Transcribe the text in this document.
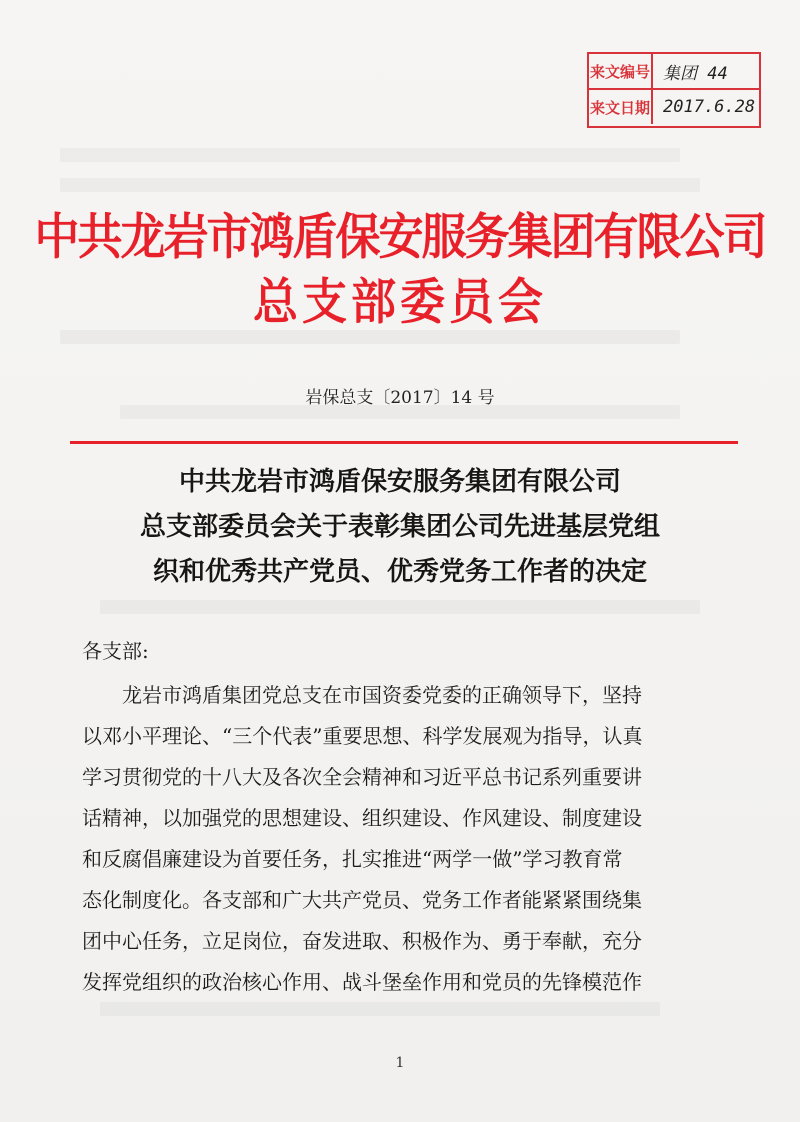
来文编号 集团 44
来文日期 2017.6.28
中共龙岩市鸿盾保安服务集团有限公司
总支部委员会
岩保总支〔2017〕14 号
中共龙岩市鸿盾保安服务集团有限公司
总支部委员会关于表彰集团公司先进基层党组
织和优秀共产党员、优秀党务工作者的决定
各支部:
　　龙岩市鸿盾集团党总支在市国资委党委的正确领导下，坚持
以邓小平理论、“三个代表”重要思想、科学发展观为指导，认真
学习贯彻党的十八大及各次全会精神和习近平总书记系列重要讲
话精神，以加强党的思想建设、组织建设、作风建设、制度建设
和反腐倡廉建设为首要任务，扎实推进“两学一做”学习教育常
态化制度化。各支部和广大共产党员、党务工作者能紧紧围绕集
团中心任务，立足岗位，奋发进取、积极作为、勇于奉献，充分
发挥党组织的政治核心作用、战斗堡垒作用和党员的先锋模范作
1
